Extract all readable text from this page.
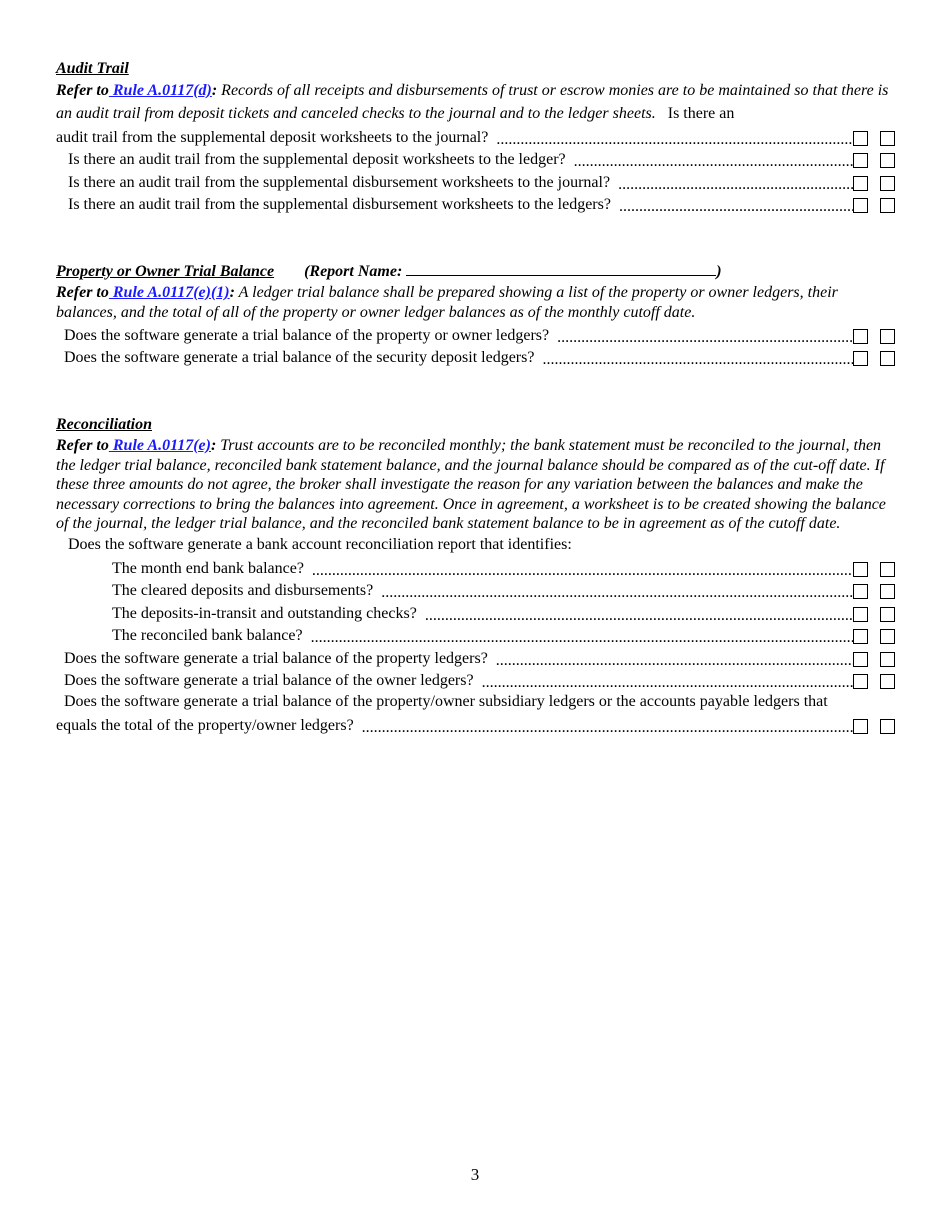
Audit Trail
Refer to Rule A.0117(d): Records of all receipts and disbursements of trust or escrow monies are to be maintained so that there is an audit trail from deposit tickets and canceled checks to the journal and to the ledger sheets. Is there an
audit trail from the supplemental deposit worksheets to the journal?
.....
Is there an audit trail from the supplemental deposit worksheets to the ledger?
.....
Is there an audit trail from the supplemental disbursement worksheets to the journal?
.....
Is there an audit trail from the supplemental disbursement worksheets to the ledgers?
.....
Property or Owner Trial Balance (Report Name:	)
Refer to Rule A.0117(e)(1): A ledger trial balance shall be prepared showing a list of the property or owner ledgers, their balances, and the total of all of the property or owner ledger balances as of the monthly cutoff date.
Does the software generate a trial balance of the property or owner ledgers?
.....
Does the software generate a trial balance of the security deposit ledgers?
.....
Reconciliation
Refer to Rule A.0117(e): Trust accounts are to be reconciled monthly; the bank statement must be reconciled to the journal, then the ledger trial balance, reconciled bank statement balance, and the journal balance should be compared as of the cut-off date. If these three amounts do not agree, the broker shall investigate the reason for any variation between the balances and make the necessary corrections to bring the balances into agreement. Once in agreement, a worksheet is to be created showing the balance of the journal, the ledger trial balance, and the reconciled bank statement balance to be in agreement as of the cutoff date.
Does the software generate a bank account reconciliation report that identifies:
The month end bank balance?
.....
The cleared deposits and disbursements?
.....
The deposits-in-transit and outstanding checks?
.....
The reconciled bank balance?
.....
Does the software generate a trial balance of the property ledgers?
.....
Does the software generate a trial balance of the owner ledgers?
.....
Does the software generate a trial balance of the property/owner subsidiary ledgers or the accounts payable ledgers that
equals the total of the property/owner ledgers?
.....
3
